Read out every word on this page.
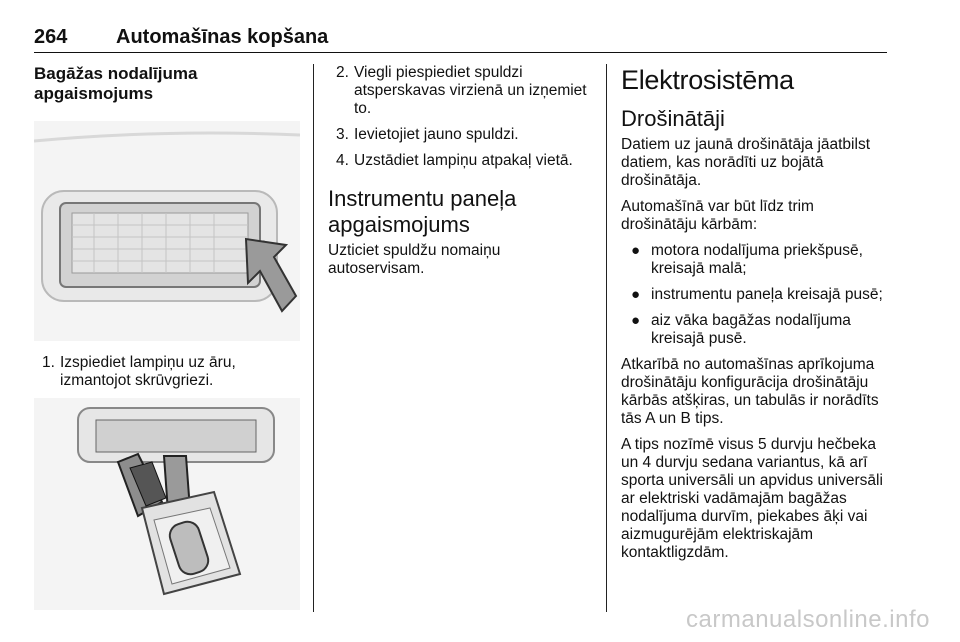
264 Automašīnas kopšana
Bagāžas nodalījuma apgaismojums
1. Izspiediet lampiņu uz āru, izmantojot skrūvgriezi.
2. Viegli piespiediet spuldzi atsperskavas virzienā un izņemiet to.
3. Ievietojiet jauno spuldzi.
4. Uzstādiet lampiņu atpakaļ vietā.
Instrumentu paneļa apgaismojums

Uzticiet spuldžu nomaiņu autoservisam.

Elektrosistēma
Drošinātāji

Datiem uz jaunā drošinātāja jāatbilst datiem, kas norādīti uz bojātā drošinātāja.

Automašīnā var būt līdz trim drošinātāju kārbām:

● motora nodalījuma priekšpusē, kreisajā malā;
● instrumentu paneļa kreisajā pusē;
● aiz vāka bagāžas nodalījuma kreisajā pusē.

Atkarībā no automašīnas aprīkojuma drošinātāju konfigurācija drošinātāju kārbās atšķiras, un tabulās ir norādīts tās A un B tips.

A tips nozīmē visus 5 durvju hečbeka un 4 durvju sedana variantus, kā arī sporta universāli un apvidus universāli ar elektriski vadāmajām bagāžas nodalījuma durvīm, piekabes āķi vai aizmugurējām elektriskajām kontaktligzdām.

carmanualsonline.info
